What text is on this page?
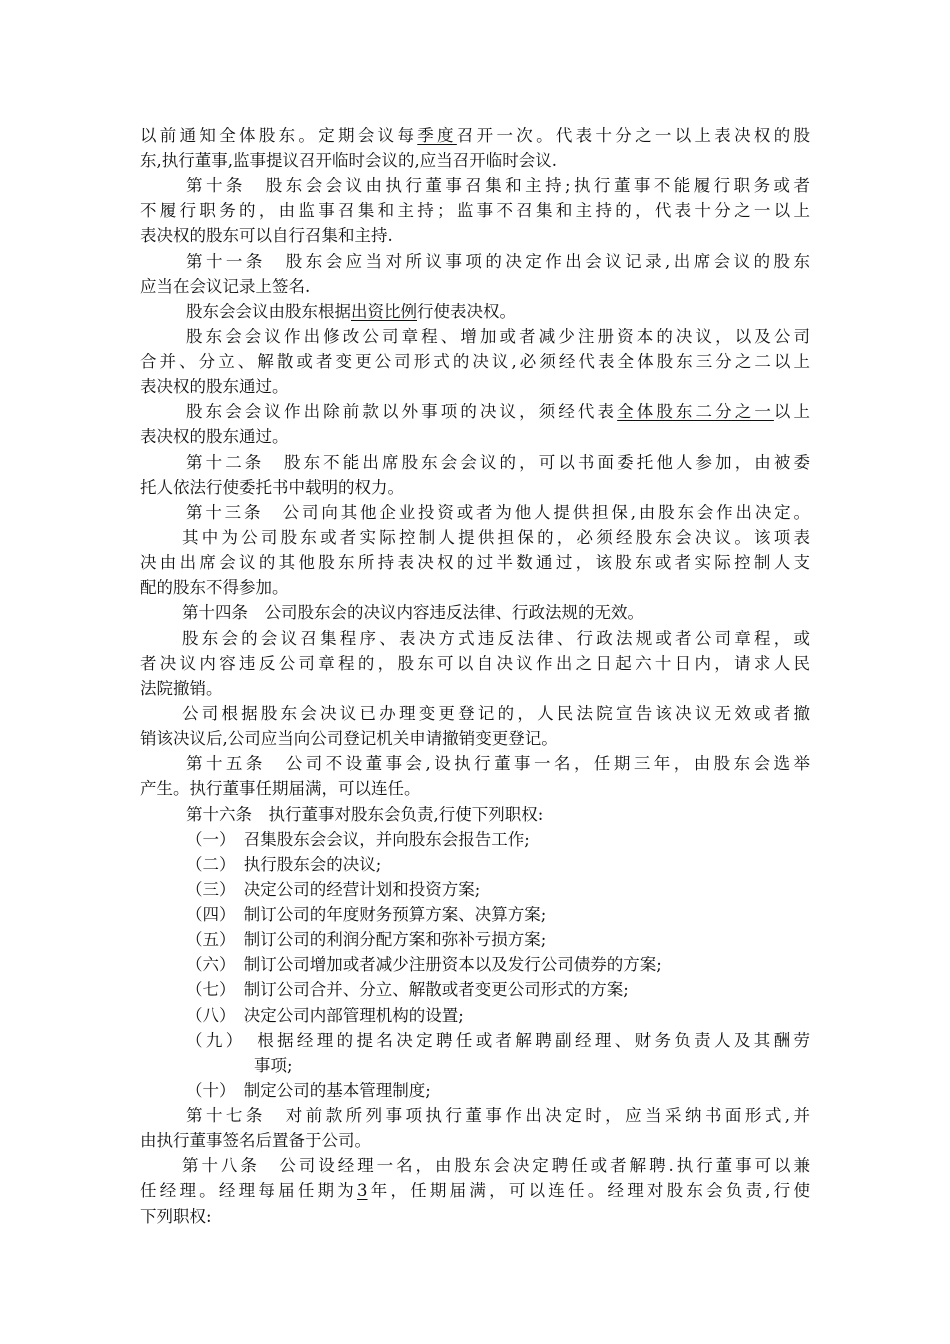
以前通知全体股东。定期会议每季度召开一次。代表十分之一以上表决权的股
东,执行董事,监事提议召开临时会议的,应当召开临时会议.
第十条　股东会会议由执行董事召集和主持;执行董事不能履行职务或者
不履行职务的，由监事召集和主持；监事不召集和主持的，代表十分之一以上
表决权的股东可以自行召集和主持.
第十一条　股东会应当对所议事项的决定作出会议记录,出席会议的股东
应当在会议记录上签名.
股东会会议由股东根据出资比例行使表决权。
股东会会议作出修改公司章程、增加或者减少注册资本的决议，以及公司
合并、分立、解散或者变更公司形式的决议,必须经代表全体股东三分之二以上
表决权的股东通过。
股东会会议作出除前款以外事项的决议，须经代表全体股东二分之一以上
表决权的股东通过。
第十二条　股东不能出席股东会会议的，可以书面委托他人参加，由被委
托人依法行使委托书中载明的权力。
第十三条　公司向其他企业投资或者为他人提供担保,由股东会作出决定。
其中为公司股东或者实际控制人提供担保的，必须经股东会决议。该项表
决由出席会议的其他股东所持表决权的过半数通过，该股东或者实际控制人支
配的股东不得参加。
第十四条　公司股东会的决议内容违反法律、行政法规的无效。
股东会的会议召集程序、表决方式违反法律、行政法规或者公司章程，或
者决议内容违反公司章程的，股东可以自决议作出之日起六十日内，请求人民
法院撤销。
公司根据股东会决议已办理变更登记的，人民法院宣告该决议无效或者撤
销该决议后,公司应当向公司登记机关申请撤销变更登记。
第十五条　公司不设董事会,设执行董事一名，任期三年，由股东会选举
产生。执行董事任期届满，可以连任。
第十六条　执行董事对股东会负责,行使下列职权:
（一）　召集股东会会议，并向股东会报告工作;
（二）　执行股东会的决议;
（三）　决定公司的经营计划和投资方案;
（四）　制订公司的年度财务预算方案、决算方案;
（五）　制订公司的利润分配方案和弥补亏损方案;
（六）　制订公司增加或者减少注册资本以及发行公司债券的方案;
（七）　制订公司合并、分立、解散或者变更公司形式的方案;
（八）　决定公司内部管理机构的设置;
（九）　根据经理的提名决定聘任或者解聘副经理、财务负责人及其酬劳
事项;
（十）　制定公司的基本管理制度;
第十七条　对前款所列事项执行董事作出决定时，应当采纳书面形式,并
由执行董事签名后置备于公司。
第十八条　公司设经理一名，由股东会决定聘任或者解聘.执行董事可以兼
任经理。经理每届任期为3年，任期届满，可以连任。经理对股东会负责,行使
下列职权:
